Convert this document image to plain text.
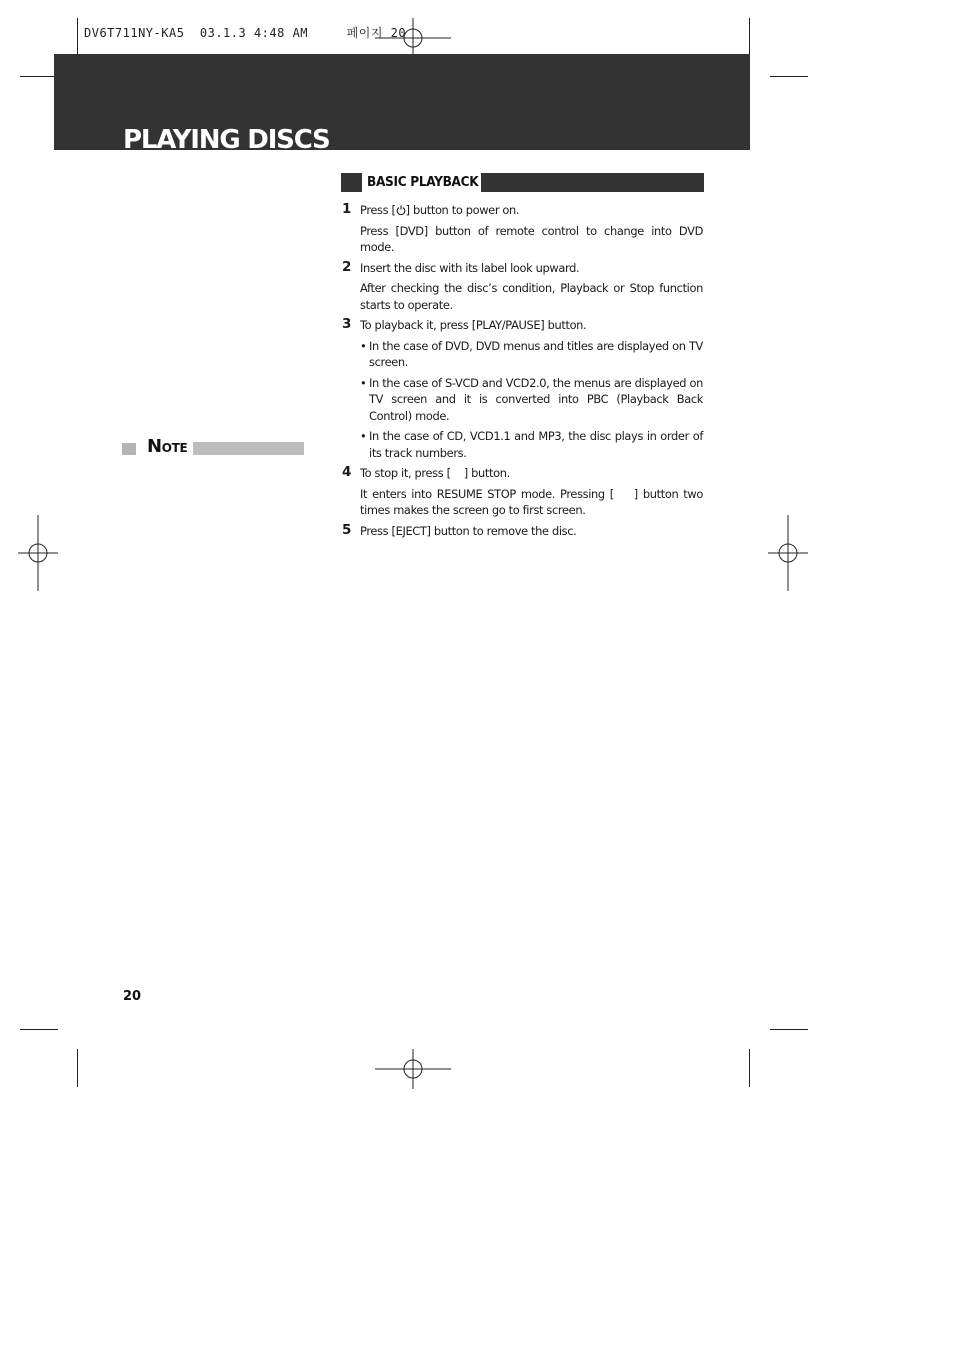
DV6T711NY-KA5  03.1.3 4:48 AM     페이지 20
PLAYING DISCS
BASIC PLAYBACK
NOTE
1 Press [ ] button to power on.

Press [DVD] button of remote control to change into DVD mode.

2 Insert the disc with its label look upward.

After checking the disc’s condition, Playback or Stop function starts to operate.

3 To playback it, press [PLAY/PAUSE] button.

• In the case of DVD, DVD menus and titles are displayed on TV screen.
• In the case of S-VCD and VCD2.0, the menus are displayed on TV screen and it is converted into PBC (Playback Back Control) mode.
• In the case of CD, VCD1.1 and MP3, the disc plays in order of its track numbers.
4 To stop it, press [    ] button.

It enters into RESUME STOP mode. Pressing [    ] button two times makes the screen go to first screen.

5 Press [EJECT] button to remove the disc.

20
